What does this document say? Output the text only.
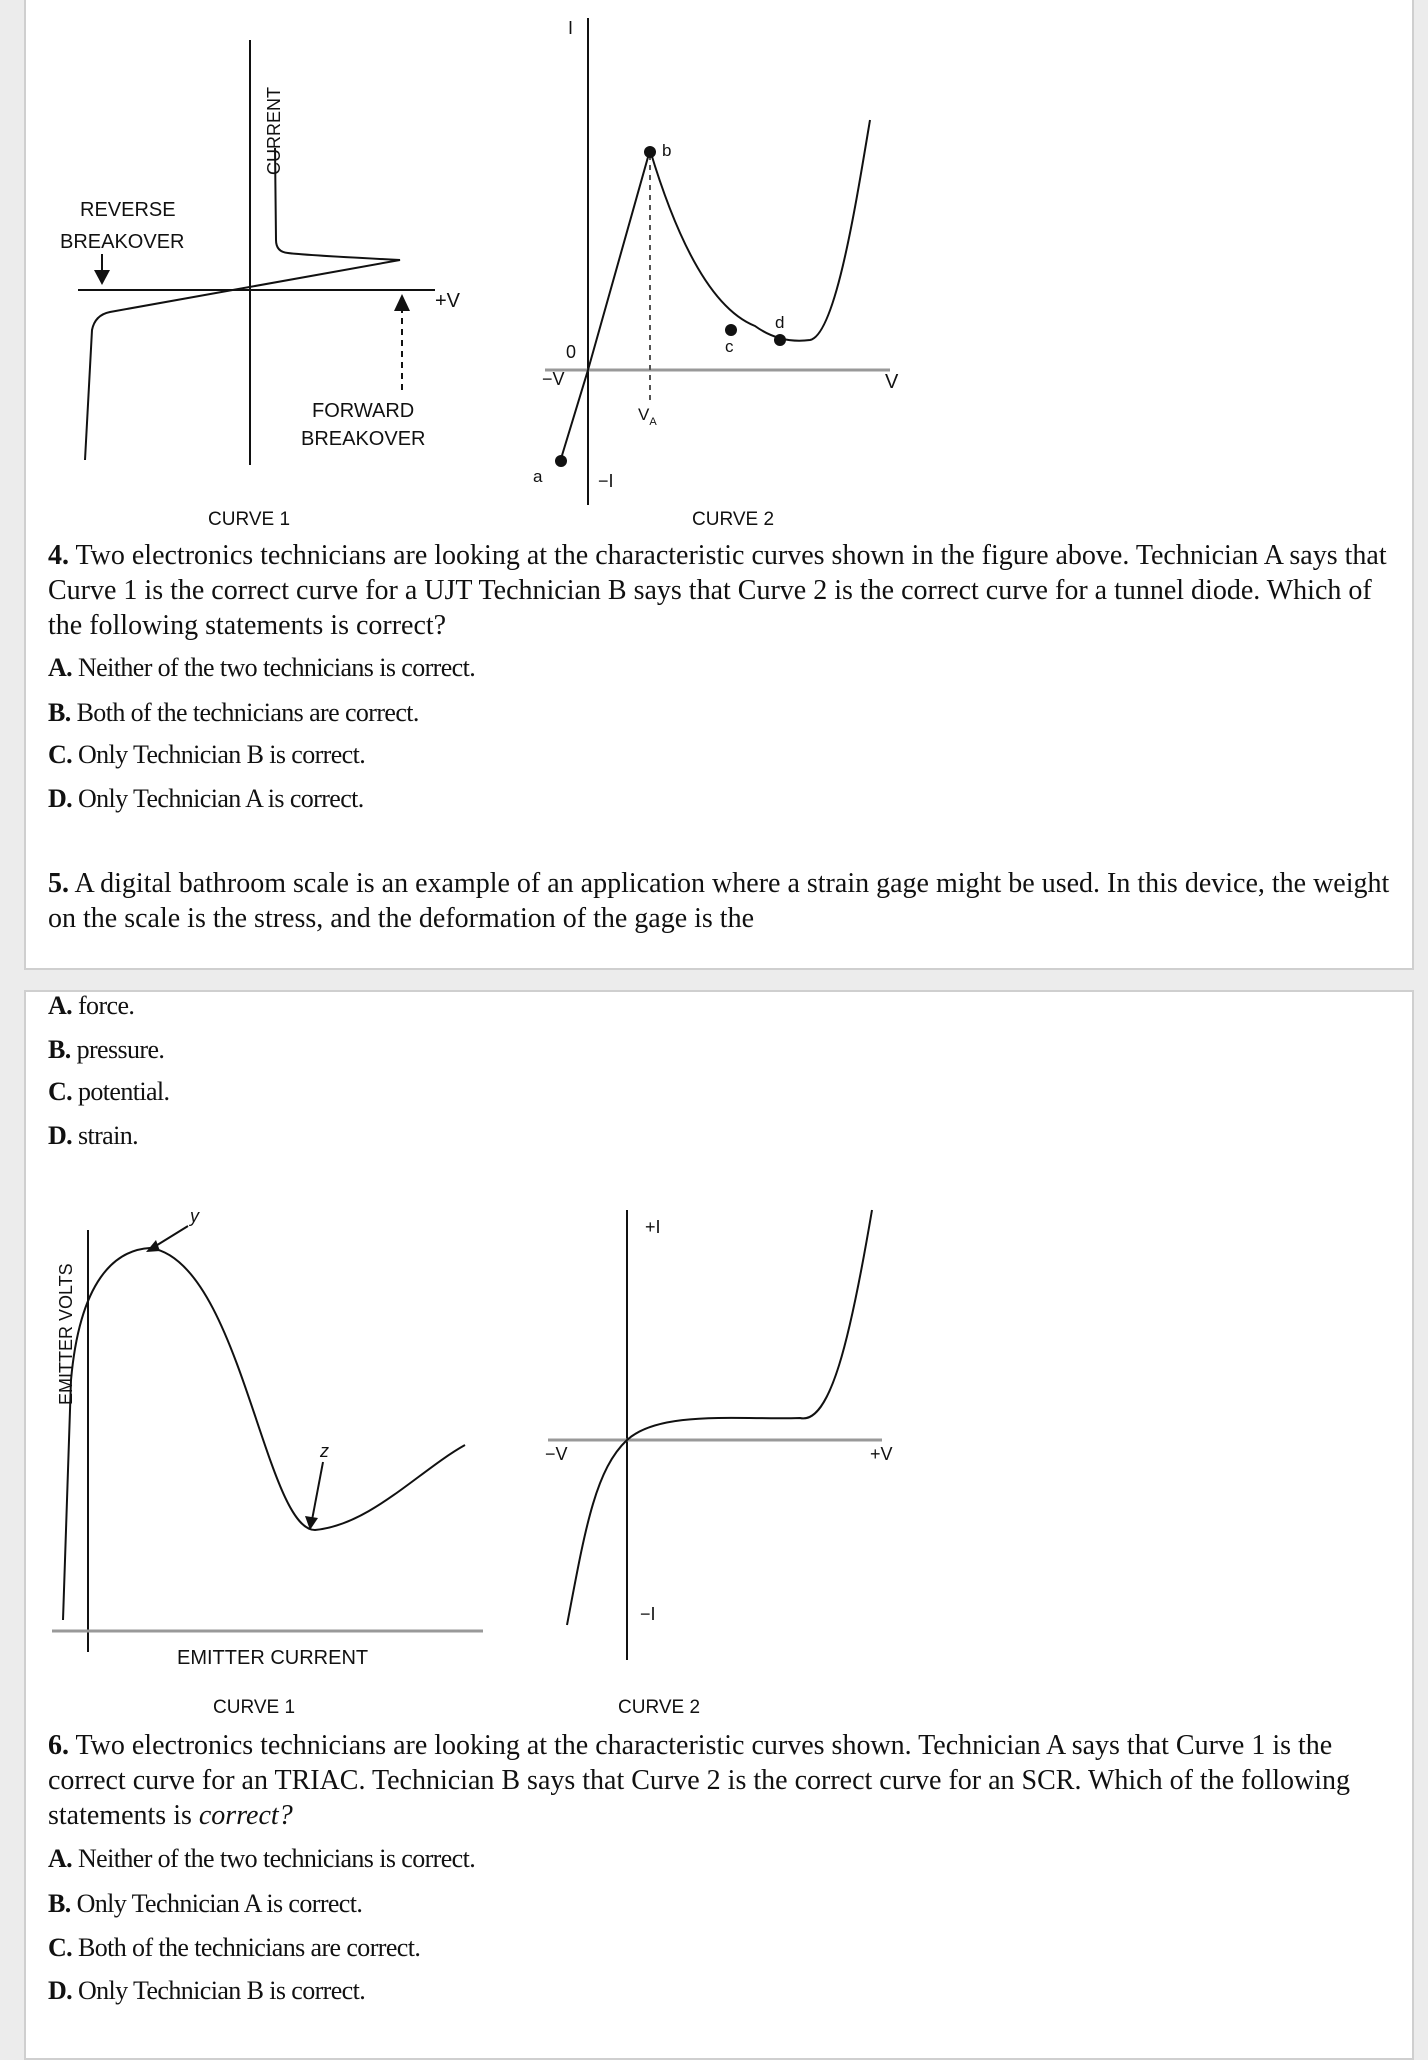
CURRENT
REVERSE
BREAKOVER
FORWARD
BREAKOVER
+V
CURVE 1
I
−I
−V	V
0
$V_A$
a
b
c
d
CURVE 2

4. Two electronics technicians are looking at the characteristic curves shown in the figure above. Technician A says that Curve 1 is the correct curve for a UJT Technician B says that Curve 2 is the correct curve for a tunnel diode. Which of the following statements is correct?

A. Neither of the two technicians is correct.

B. Both of the technicians are correct.

C. Only Technician B is correct.

D. Only Technician A is correct.

5. A digital bathroom scale is an example of an application where a strain gage might be used. In this device, the weight on the scale is the stress, and the deformation of the gage is the

A. force.

B. pressure.

C. potential.

D. strain.

EMITTER VOLTS
EMITTER CURRENT
y
z
CURVE 1
+I
−I
−V	+V
CURVE 2

6. Two electronics technicians are looking at the characteristic curves shown. Technician A says that Curve 1 is the correct curve for an TRIAC. Technician B says that Curve 2 is the correct curve for an SCR. Which of the following statements is correct?

A. Neither of the two technicians is correct.

B. Only Technician A is correct.

C. Both of the technicians are correct.

D. Only Technician B is correct.
